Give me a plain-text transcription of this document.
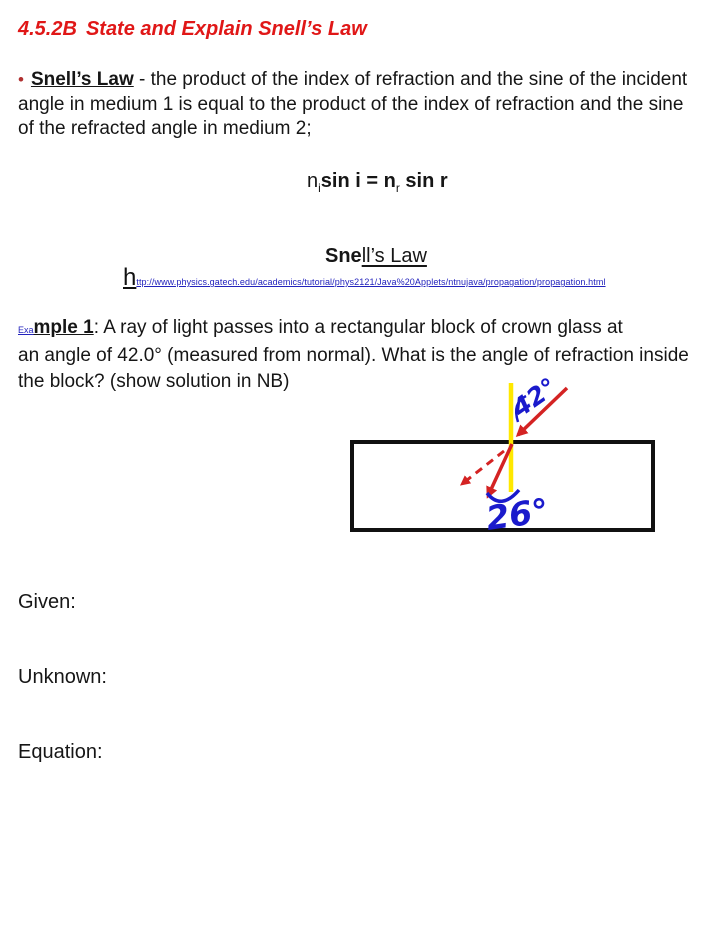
4.5.2B State and Explain Snell’s Law
• Snell’s Law - the product of the index of refraction and the sine of the incident
angle in medium 1 is equal to the product of the index of refraction and the sine
of the refracted angle in medium 2;
$n_i\sin$ $i = n_r$ sin r
Snell’s Law
http://www.physics.gatech.edu/academics/tutorial/phys2121/Java%20Applets/ntnujava/propagation/propagation.html
Example 1: A ray of light passes into a rectangular block of crown glass at
an angle of 42.0° (measured from normal). What is the angle of refraction inside
the block? (show solution in NB)	42°
26°
Given:
Unknown:
Equation:
